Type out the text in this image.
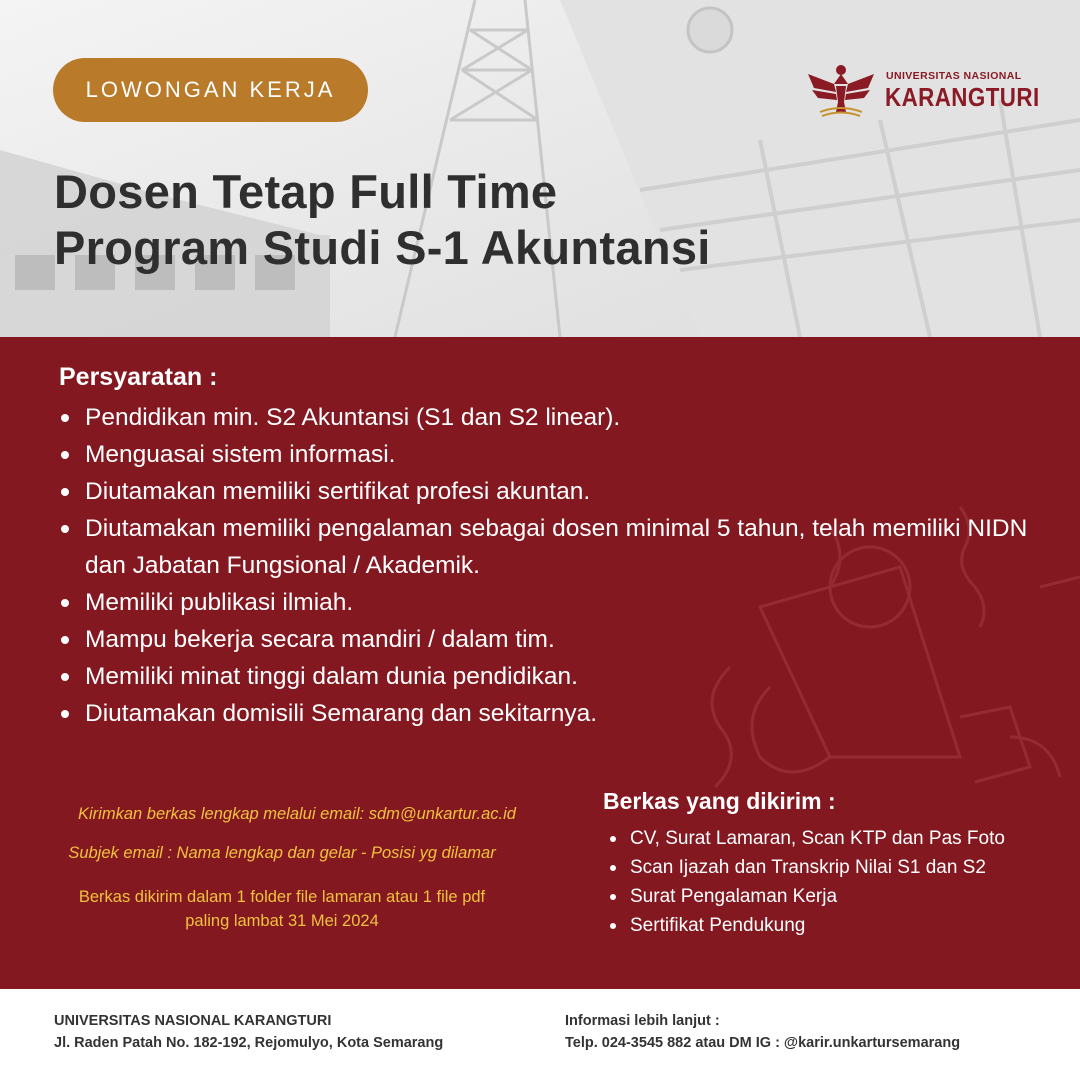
LOWONGAN KERJA
UNIVERSITAS NASIONAL
KARANGTURI
Dosen Tetap Full Time
Program Studi S-1 Akuntansi
Persyaratan :
Pendidikan min. S2 Akuntansi (S1 dan S2 linear).
Menguasai sistem informasi.
Diutamakan memiliki sertifikat profesi akuntan.
Diutamakan memiliki pengalaman sebagai dosen minimal 5 tahun, telah memiliki NIDN dan Jabatan Fungsional / Akademik.
Memiliki publikasi ilmiah.
Mampu bekerja secara mandiri / dalam tim.
Memiliki minat tinggi dalam dunia pendidikan.
Diutamakan domisili Semarang dan sekitarnya.
Kirimkan berkas lengkap melalui email: sdm@unkartur.ac.id
Subjek email : Nama lengkap dan gelar - Posisi yg dilamar
Berkas dikirim dalam 1 folder file lamaran atau 1 file pdf
paling lambat 31 Mei 2024
Berkas yang dikirim :
CV, Surat Lamaran, Scan KTP dan Pas Foto
Scan Ijazah dan Transkrip Nilai S1 dan S2
Surat Pengalaman Kerja
Sertifikat Pendukung
UNIVERSITAS NASIONAL KARANGTURI
Jl. Raden Patah No. 182-192, Rejomulyo, Kota Semarang
Informasi lebih lanjut :
Telp. 024-3545 882 atau DM IG : @karir.unkartursemarang
